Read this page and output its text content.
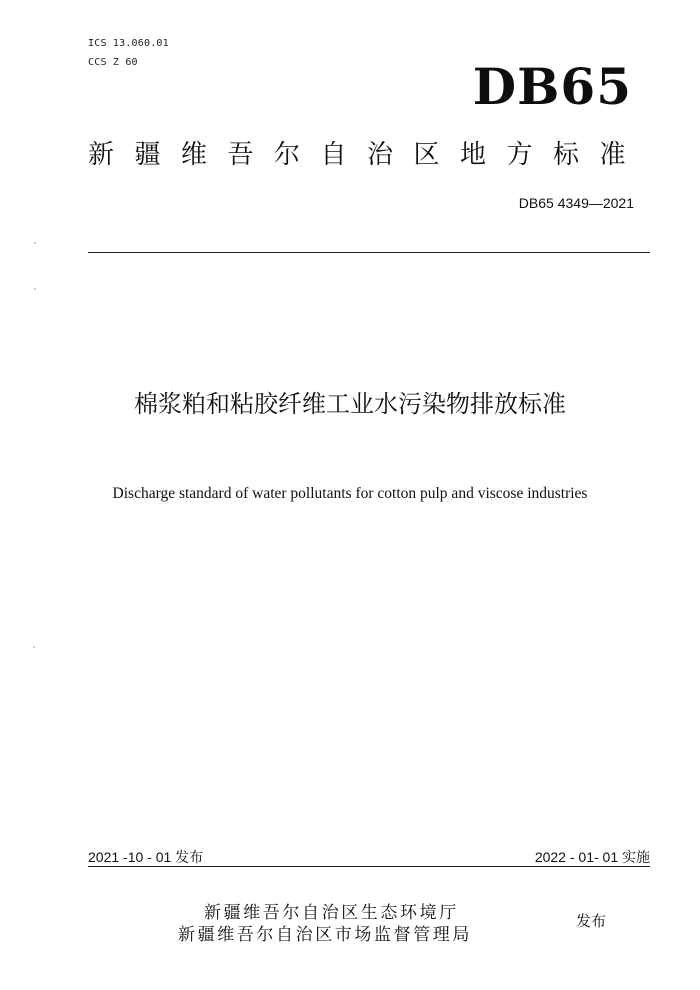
ICS 13.060.01
CCS Z 60	DB65
新疆维吾尔自治区地方标准
DB65 4349—2021
棉浆粕和粘胶纤维工业水污染物排放标准
Discharge standard of water pollutants for cotton pulp and viscose industries
2021 -10 - 01 发布	2022 - 01- 01 实施
新疆维吾尔自治区生态环境厅
新疆维吾尔自治区市场监督管理局
发布
